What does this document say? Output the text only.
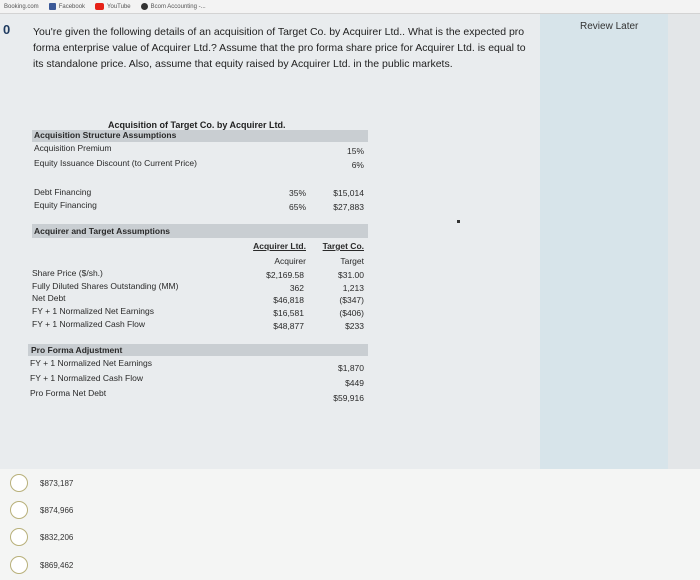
Booking.com	Facebook	YouTube	Bcom Accounting -...
0	Review Later
You're given the following details of an acquisition of Target Co. by Acquirer Ltd.. What is the expected pro forma enterprise value of Acquirer Ltd.? Assume that the pro forma share price for Acquirer Ltd. is equal to its standalone price. Also, assume that equity raised by Acquirer Ltd. in the public markets.
Acquisition of Target Co. by Acquirer Ltd.
Acquisition Structure Assumptions
Acquisition Premium	15%
Equity Issuance Discount (to Current Price)	6%
Debt Financing	35%	$15,014
Equity Financing	65%	$27,883
Acquirer and Target Assumptions
Acquirer Ltd.	Target Co.
Acquirer	Target
Share Price ($/sh.)	$2,169.58	$31.00
Fully Diluted Shares Outstanding (MM)	362	1,213
Net Debt	$46,818	($347)
FY + 1 Normalized Net Earnings	$16,581	($406)
FY + 1 Normalized Cash Flow	$48,877	$233
Pro Forma Adjustment
FY + 1 Normalized Net Earnings	$1,870
FY + 1 Normalized Cash Flow	$449
Pro Forma Net Debt	$59,916
$873,187
$874,966
$832,206
$869,462
